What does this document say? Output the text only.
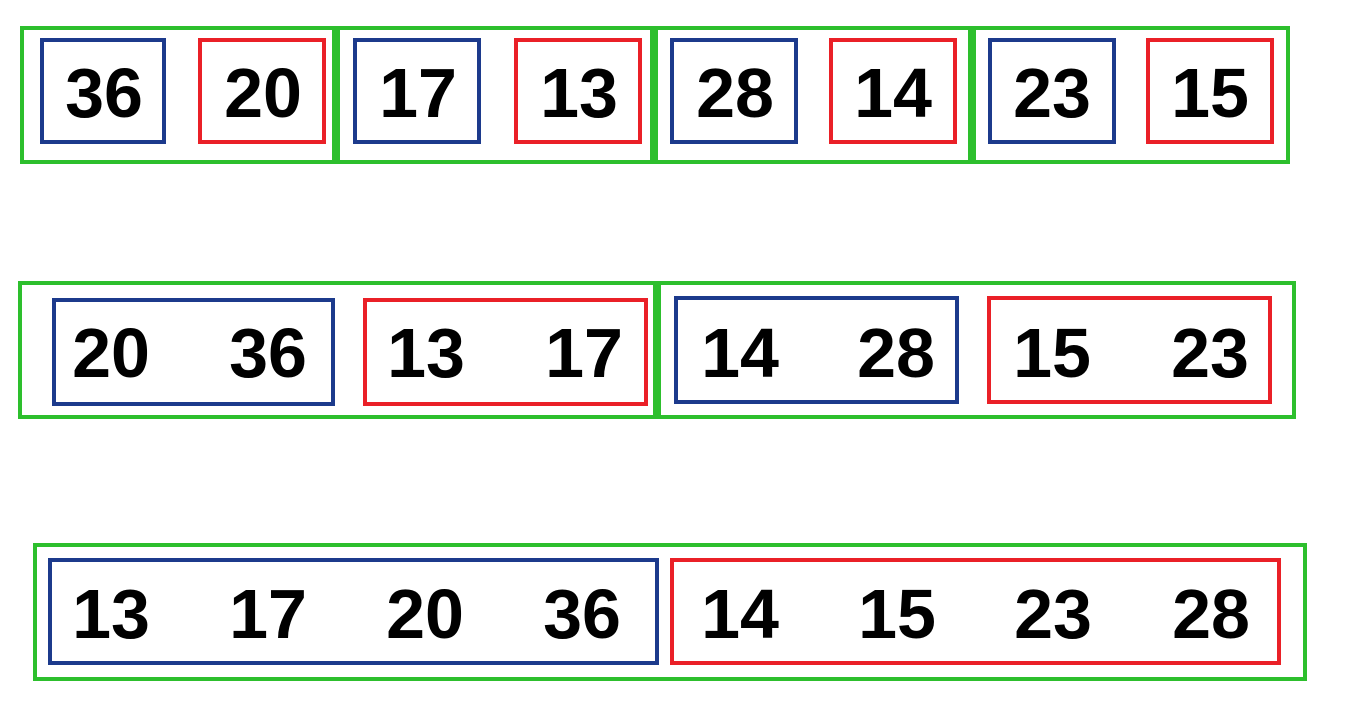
36 20 17 13 28 14 23 15
20 36 13 17 14 28 15 23
13 17 20 36 14 15 23 28
